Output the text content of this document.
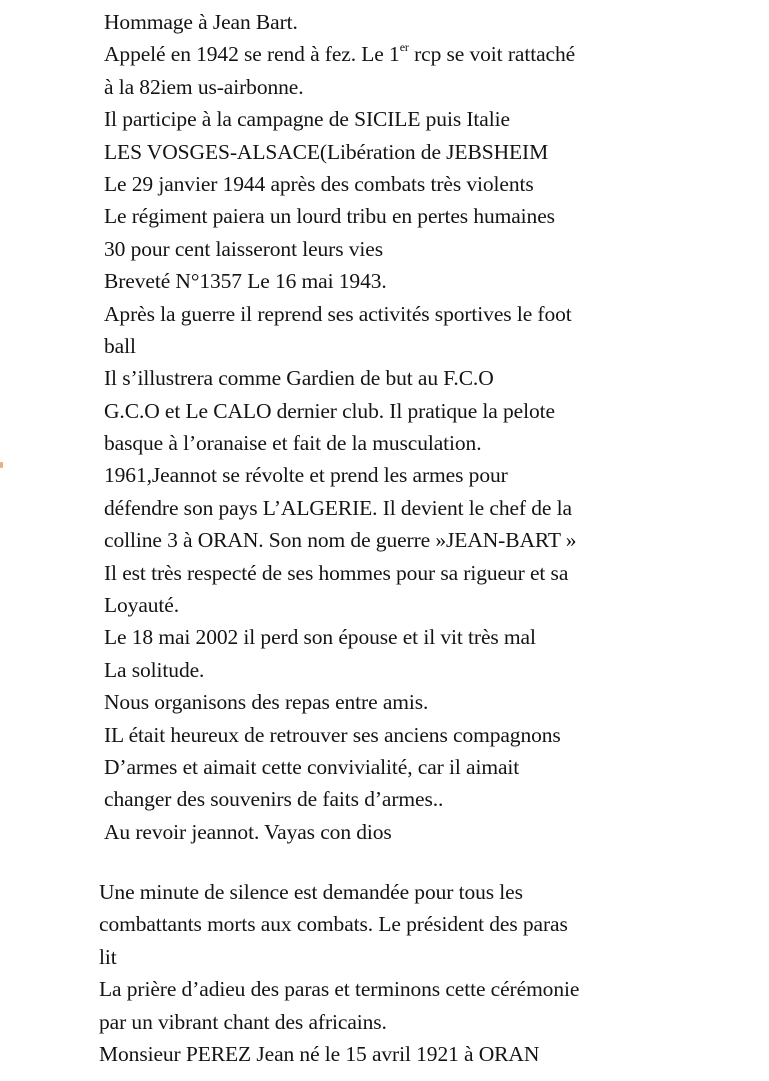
Hommage à Jean Bart.
Appelé en 1942 se rend à fez. Le 1er rcp se voit rattaché
à la 82iem us-airbonne.
Il participe à la campagne de SICILE puis Italie
LES VOSGES-ALSACE(Libération de JEBSHEIM
Le 29 janvier 1944 après des combats très violents
Le régiment paiera un lourd tribu en pertes humaines
30 pour cent laisseront leurs vies
Breveté N°1357 Le 16 mai 1943.
Après la guerre il reprend ses activités sportives le foot
ball
Il s’illustrera comme Gardien de but au F.C.O
G.C.O et Le CALO dernier club. Il pratique la pelote
basque à l’oranaise et fait de la musculation.
1961,Jeannot se révolte et prend les armes pour
défendre son pays L’ALGERIE. Il devient le chef de la
colline 3 à ORAN. Son nom de guerre »JEAN-BART »
Il est très respecté de ses hommes pour sa rigueur et sa
Loyauté.
Le 18 mai 2002 il perd son épouse et il vit très mal
La solitude.
Nous organisons des repas entre amis.
IL était heureux de retrouver ses anciens compagnons
D’armes et aimait cette convivialité, car il aimait
changer des souvenirs de faits d’armes..
Au revoir jeannot. Vayas con dios
Une minute de silence est demandée pour tous les
combattants morts aux combats. Le président des paras
lit
La prière d’adieu des paras et terminons cette cérémonie
par un vibrant chant des africains.
Monsieur PEREZ Jean né le 15 avril 1921 à ORAN
